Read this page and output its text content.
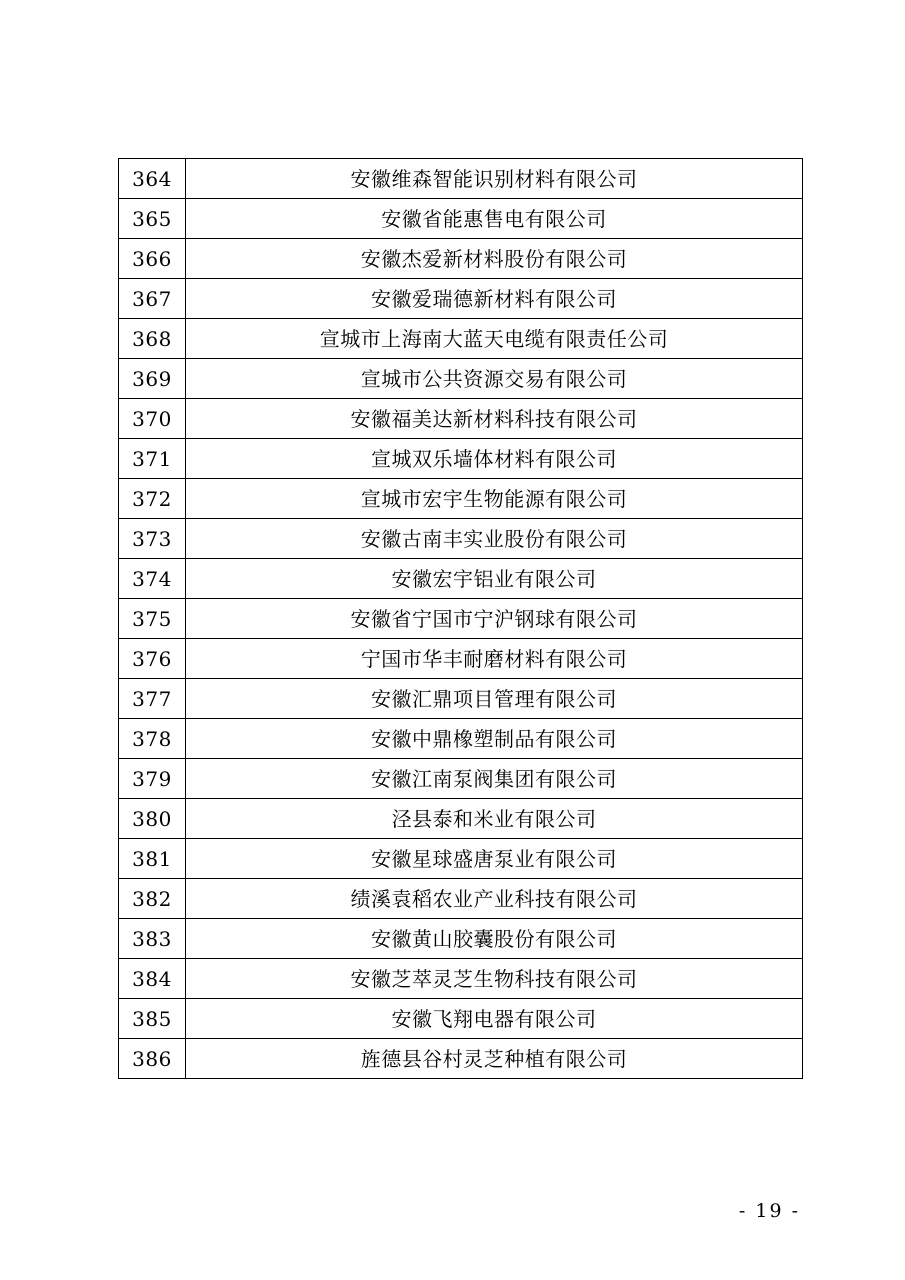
364	安徽维森智能识别材料有限公司
365	安徽省能惠售电有限公司
366	安徽杰爱新材料股份有限公司
367	安徽爱瑞德新材料有限公司
368	宣城市上海南大蓝天电缆有限责任公司
369	宣城市公共资源交易有限公司
370	安徽福美达新材料科技有限公司
371	宣城双乐墙体材料有限公司
372	宣城市宏宇生物能源有限公司
373	安徽古南丰实业股份有限公司
374	安徽宏宇铝业有限公司
375	安徽省宁国市宁沪钢球有限公司
376	宁国市华丰耐磨材料有限公司
377	安徽汇鼎项目管理有限公司
378	安徽中鼎橡塑制品有限公司
379	安徽江南泵阀集团有限公司
380	泾县泰和米业有限公司
381	安徽星球盛唐泵业有限公司
382	绩溪袁稻农业产业科技有限公司
383	安徽黄山胶囊股份有限公司
384	安徽芝萃灵芝生物科技有限公司
385	安徽飞翔电器有限公司
386	旌德县谷村灵芝种植有限公司
- 19 -
